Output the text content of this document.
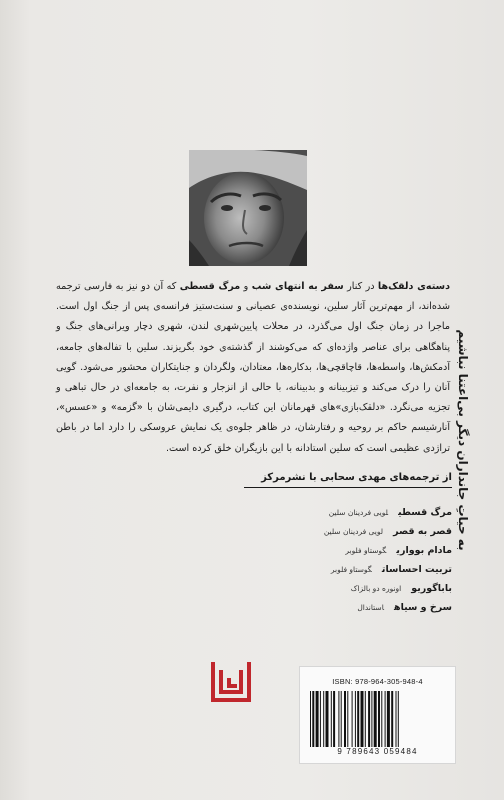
دسته‌ی دلقک‌ها در کنار سفر به انتهای شب و مرگ قسطی که آن دو نیز به فارسی ترجمه شده‌اند، از مهم‌ترین آثار سلین، نویسنده‌ی عصیانی و سنت‌ستیز فرانسه‌ی پس از جنگ اول است. ماجرا در زمان جنگ اول می‌گذرد، در محلات پایین‌شهری لندن، شهری دچار ویرانی‌های جنگ و پناهگاهی برای عناصر واژده‌ای که می‌کوشند از گذشته‌ی خود بگریزند. سلین با تفاله‌های جامعه، آدمکش‌ها، واسطه‌ها، قاچاقچی‌ها، بدکاره‌ها، معتادان، ولگردان و جنایتکاران محشور می‌شود. گویی آنان را درک می‌کند و تیزبینانه و بدبینانه، با حالی از انزجار و نفرت، به جامعه‌ای در حال تباهی و تجزیه می‌نگرد. «دلقک‌بازی»های قهرمانان این کتاب، درگیری دایمی‌شان با «گزمه» و «عسس»، آنارشیسم حاکم بر روحیه و رفتارشان، در ظاهر جلوه‌ی یک نمایش عروسکی را دارد اما در باطن تراژدی عظیمی است که سلین استادانه با این بازیگران خلق کرده است. به حیاتِ جانداران دیگر بی‌اعتنا نباشیم
از ترجمه‌های مهدی سحابی با نشرمرکز
مرگ قسطیلویی فردینان سلین
قصر به قصرلویی فردینان سلین
مادام بوواریگوستاو فلوبر
تربیت احساساتگوستاو فلوبر
باباگوریواونوره دو بالزاک
سرخ و سیاهاستاندال
ISBN: 978-964-305-948-4
9 789643 059484
